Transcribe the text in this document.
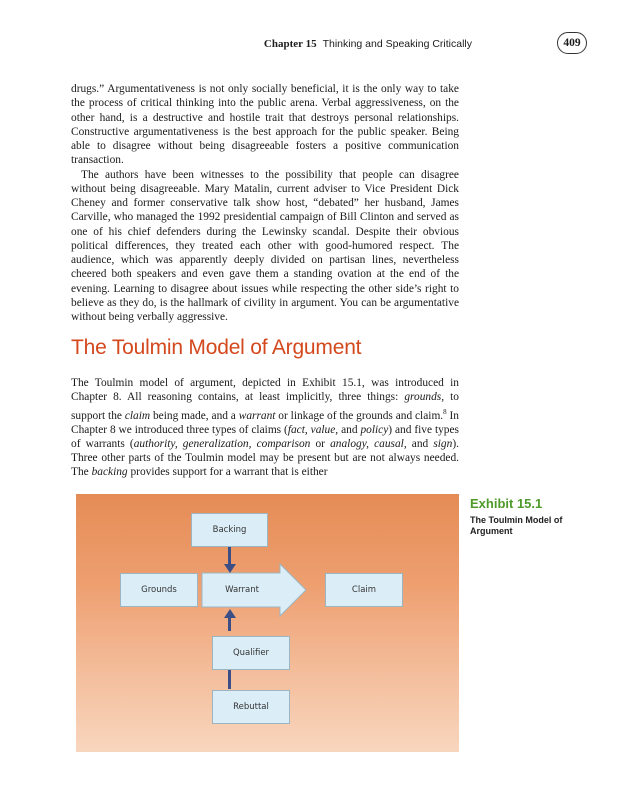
Chapter 15 Thinking and Speaking Critically	409

drugs.” Argumentativeness is not only socially beneficial, it is the only way to take the process of critical thinking into the public arena. Verbal aggressiveness, on the other hand, is a destructive and hostile trait that destroys personal relationships. Constructive argumentativeness is the best approach for the public speaker. Being able to disagree without being disagreeable fosters a positive communication transaction.

The authors have been witnesses to the possibility that people can disagree without being disagreeable. Mary Matalin, current adviser to Vice President Dick Cheney and former conservative talk show host, “debated” her husband, James Carville, who managed the 1992 presidential campaign of Bill Clinton and served as one of his chief defenders during the Lewinsky scandal. Despite their obvious political differences, they treated each other with good-humored respect. The audience, which was apparently deeply divided on partisan lines, nevertheless cheered both speakers and even gave them a standing ovation at the end of the evening. Learning to disagree about issues while respecting the other side’s right to believe as they do, is the hallmark of civility in argument. You can be argumentative without being verbally aggressive.

The Toulmin Model of Argument

The Toulmin model of argument, depicted in Exhibit 15.1, was introduced in Chapter 8. All reasoning contains, at least implicitly, three things: grounds, to support the claim being made, and a warrant or linkage of the grounds and claim.$^8$ In Chapter 8 we introduced three types of claims (fact, value, and policy) and five types of warrants (authority, generalization, comparison or analogy, causal, and sign). Three other parts of the Toulmin model may be present but are not always needed. The backing provides support for a warrant that is either

Exhibit 15.1
The Toulmin Model of Argument
Backing
Grounds	Warrant	Claim
Qualifier
Rebuttal
